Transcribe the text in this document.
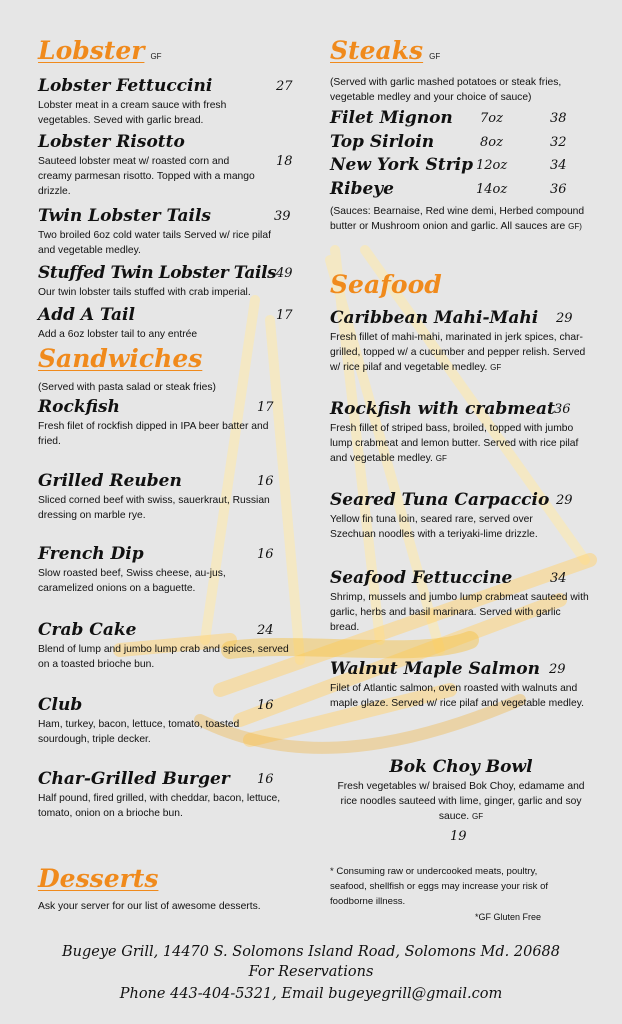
Lobster GF
Lobster Fettuccini	27

Lobster meat in a cream sauce with fresh vegetables. Seved with garlic bread.

Lobster Risotto
18

Sauteed lobster meat w/ roasted corn and creamy parmesan risotto. Topped with a mango drizzle.

Twin Lobster Tails	39

Two broiled 6oz cold water tails Served w/ rice pilaf and vegetable medley.

Stuffed Twin Lobster Tails 49

Our twin lobster tails stuffed with crab imperial.

Add A Tail	17

Add a 6oz lobster tail to any entrée

Sandwiches

(Served with pasta salad or steak fries)

Rockfish	17

Fresh filet of rockfish dipped in IPA beer batter and fried.

Grilled Reuben	16

Sliced corned beef with swiss, sauerkraut, Russian dressing on marble rye.

French Dip	16

Slow roasted beef, Swiss cheese, au-jus, caramelized onions on a baguette.

Crab Cake	24

Blend of lump and jumbo lump crab and spices, served on a toasted brioche bun.

Club	16

Ham, turkey, bacon, lettuce, tomato, toasted sourdough, triple decker.

Char-Grilled Burger 16

Half pound, fired grilled, with cheddar, bacon, lettuce, tomato, onion on a brioche bun.

Desserts

Ask your server for our list of awesome desserts.

Steaks GF

(Served with garlic mashed potatoes or steak fries, vegetable medley and your choice of sauce)

Filet Mignon 7oz	38
Top Sirloin	8oz	32
New York Strip 12oz	34
Ribeye	14oz	36

(Sauces: Bearnaise, Red wine demi, Herbed compound butter or Mushroom onion and garlic. All sauces are GF)

Seafood
Caribbean Mahi-Mahi 29

Fresh fillet of mahi-mahi, marinated in jerk spices, char-grilled, topped w/ a cucumber and pepper relish. Served w/ rice pilaf and vegetable medley. GF

Rockfish with crabmeat 36

Fresh fillet of striped bass, broiled, topped with jumbo lump crabmeat and lemon butter. Served with rice pilaf and vegetable medley. GF

Seared Tuna Carpaccio 29

Yellow fin tuna loin, seared rare, served over Szechuan noodles with a teriyaki-lime drizzle.

Seafood Fettuccine	34

Shrimp, mussels and jumbo lump crabmeat sauteed with garlic, herbs and basil marinara. Served with garlic bread.

Walnut Maple Salmon 29

Filet of Atlantic salmon, oven roasted with walnuts and maple glaze. Served w/ rice pilaf and vegetable medley.

Bok Choy Bowl

Fresh vegetables w/ braised Bok Choy, edamame and rice noodles sauteed with lime, ginger, garlic and soy sauce. GF

19

* Consuming raw or undercooked meats, poultry, seafood, shellfish or eggs may increase your risk of foodborne illness.

*GF Gluten Free

Bugeye Grill, 14470 S. Solomons Island Road, Solomons Md. 20688
For Reservations
Phone 443-404-5321, Email bugeyegrill@gmail.com
